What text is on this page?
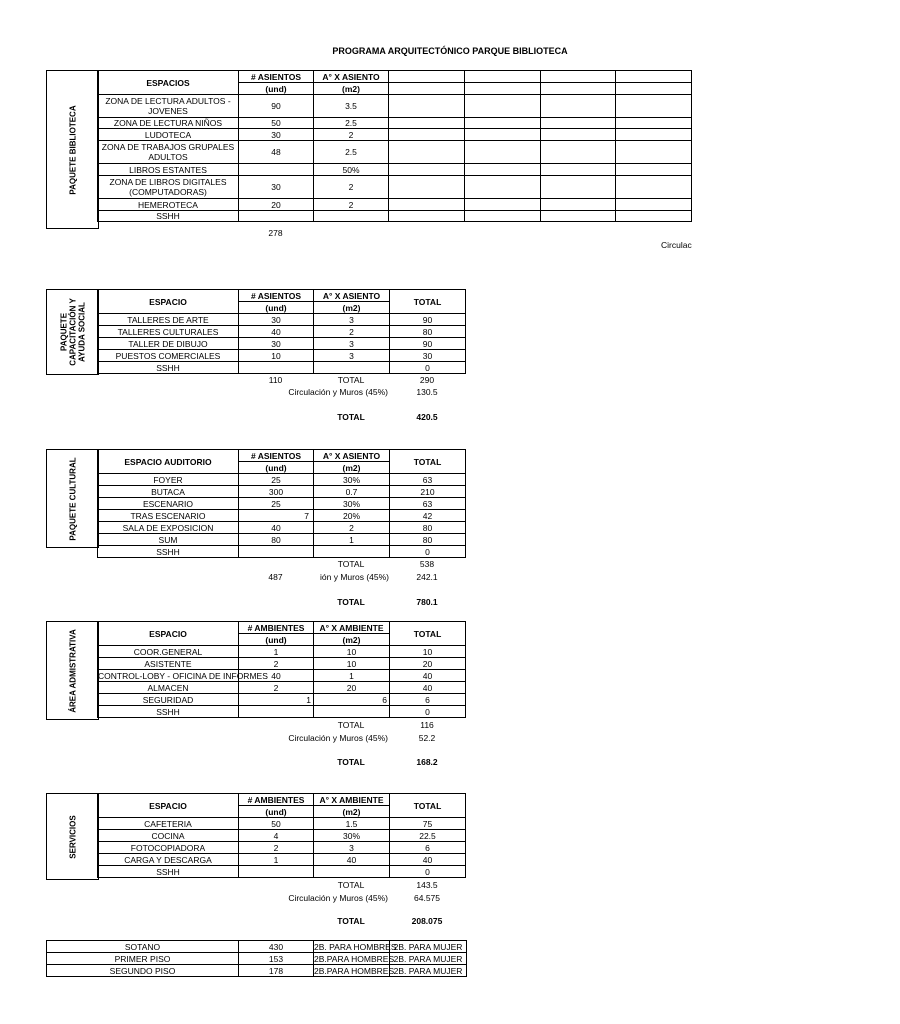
PROGRAMA ARQUITECTÓNICO PARQUE BIBLIOTECA
PAQUETE BIBLIOTECA
ESPACIOS	# ASIENTOS	A° X ASIENTO				
	(und)	(m2)				
ZONA DE LECTURA ADULTOS - JOVENES	90	3.5				
ZONA DE LECTURA NIÑOS	50	2.5				
LUDOTECA	30	2				
ZONA DE TRABAJOS GRUPALES ADULTOS	48	2.5				
LIBROS ESTANTES		50%				
ZONA DE LIBROS DIGITALES (COMPUTADORAS)	30	2				
HEMEROTECA	20	2				
SSHH						
278
Circulac
PAQUETE CAPACITACIÓN Y AYUDA SOCIAL
ESPACIO	# ASIENTOS	A° X ASIENTO	TOTAL
	(und)	(m2)	
TALLERES DE ARTE	30	3	90
TALLERES CULTURALES	40	2	80
TALLER DE DIBUJO	30	3	90
PUESTOS COMERCIALES	10	3	30
SSHH			0
110	TOTAL	290
Circulación y Muros (45%)	130.5
TOTAL	420.5
PAQUETE CULTURAL	ESPACIO AUDITORIO	# ASIENTOS	A° X ASIENTO	TOTAL
	(und)	(m2)	
FOYER	25	30%	63
BUTACA	300	0.7	210
ESCENARIO	25	30%	63
TRAS ESCENARIO	7	20%	42
SALA DE EXPOSICION	40	2	80
SUM	80	1	80
SSHH			0
TOTAL	538
487	ión y Muros (45%)	242.1
TOTAL	780.1
ÁREA ADMISTRATIVA	ESPACIO	# AMBIENTES	A° X AMBIENTE	TOTAL
	(und)	(m2)	
COOR.GENERAL	1	10	10
ASISTENTE	2	10	20
CONTROL-LOBY - OFICINA DE INFORMES	40	1	40
ALMACEN	2	20	40
SEGURIDAD	1	6	6
SSHH			0
TOTAL	116
Circulación y Muros (45%)	52.2
TOTAL	168.2
SERVICIOS
ESPACIO	# AMBIENTES	A° X AMBIENTE	TOTAL
	(und)	(m2)	
CAFETERIA	50	1.5	75
COCINA	4	30%	22.5
FOTOCOPIADORA	2	3	6
CARGA Y DESCARGA	1	40	40
SSHH			0
TOTAL	143.5
Circulación y Muros (45%)	64.575
TOTAL	208.075
SOTANO	430	2B. PARA HOMBRES	2B. PARA MUJER
PRIMER PISO	153	2B.PARA HOMBRES	2B. PARA MUJER
SEGUNDO PISO	178	2B.PARA HOMBRES	2B. PARA MUJER
